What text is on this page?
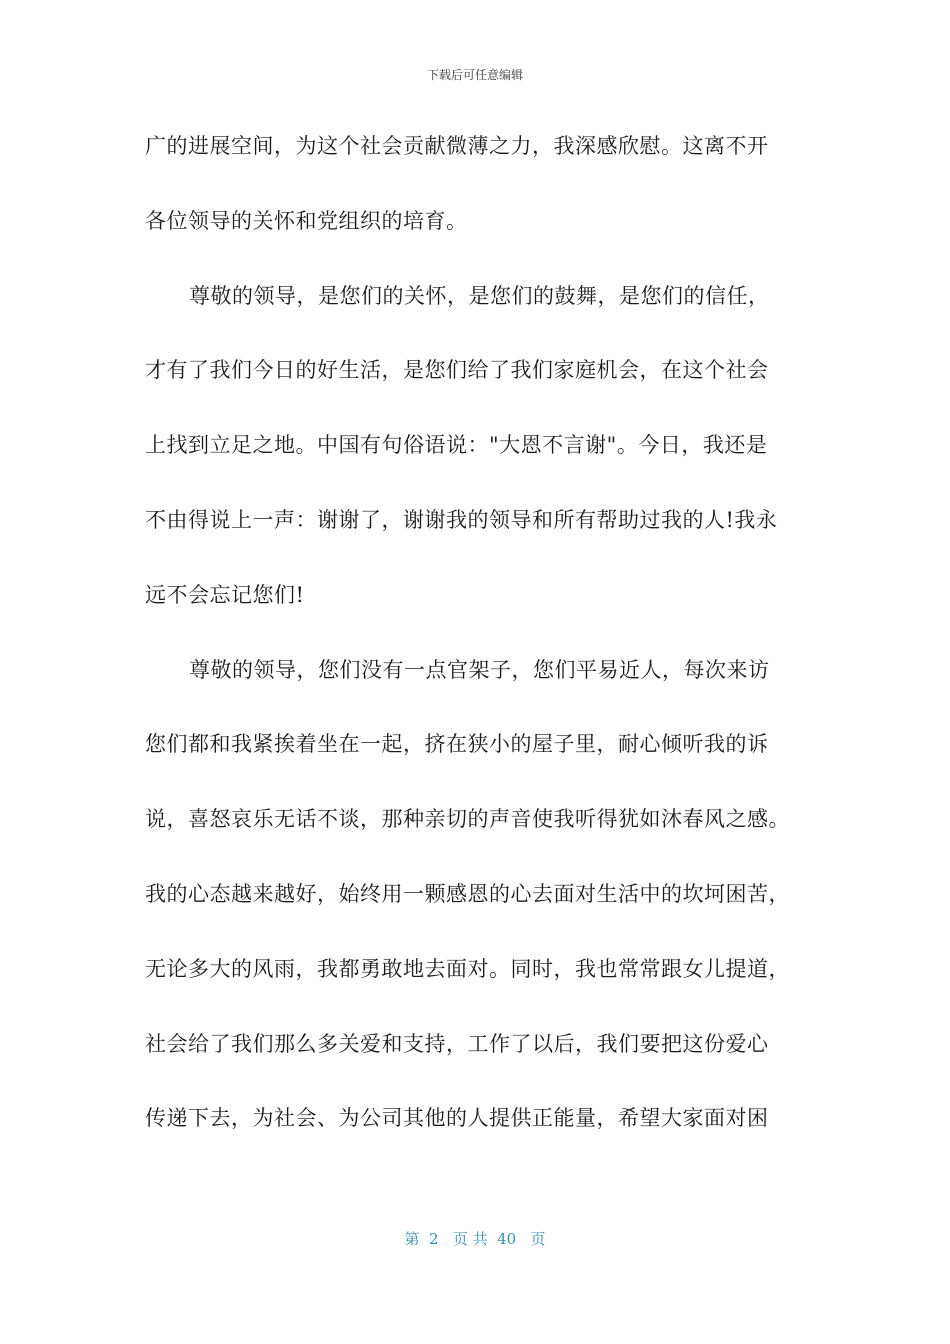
下载后可任意编辑
广的进展空间，为这个社会贡献微薄之力，我深感欣慰。这离不开
各位领导的关怀和党组织的培育。
尊敬的领导，是您们的关怀，是您们的鼓舞，是您们的信任，
才有了我们今日的好生活，是您们给了我们家庭机会，在这个社会
上找到立足之地。中国有句俗语说："大恩不言谢"。今日，我还是
不由得说上一声：谢谢了，谢谢我的领导和所有帮助过我的人!我永
远不会忘记您们!
尊敬的领导，您们没有一点官架子，您们平易近人，每次来访
您们都和我紧挨着坐在一起，挤在狭小的屋子里，耐心倾听我的诉
说，喜怒哀乐无话不谈，那种亲切的声音使我听得犹如沐春风之感。
我的心态越来越好，始终用一颗感恩的心去面对生活中的坎坷困苦，
无论多大的风雨，我都勇敢地去面对。同时，我也常常跟女儿提道，
社会给了我们那么多关爱和支持，工作了以后，我们要把这份爱心
传递下去，为社会、为公司其他的人提供正能量，希望大家面对困
第  2   页 共  40   页
